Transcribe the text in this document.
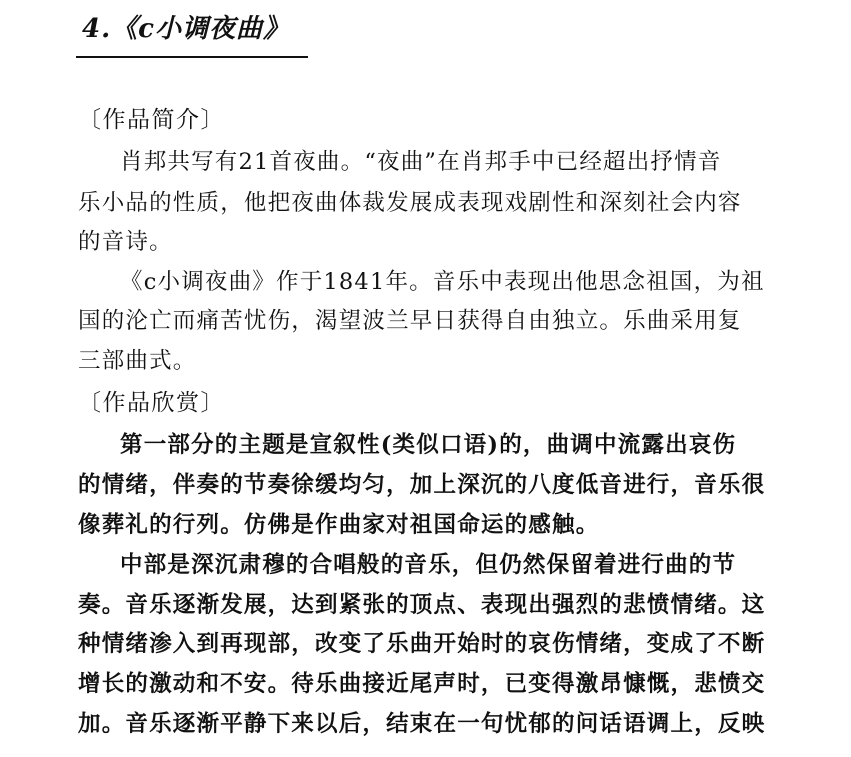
4.《c小调夜曲》
〔作品简介〕
肖邦共写有21首夜曲。“夜曲”在肖邦手中已经超出抒情音
乐小品的性质，他把夜曲体裁发展成表现戏剧性和深刻社会内容
的音诗。
《c小调夜曲》作于1841年。音乐中表现出他思念祖国，为祖
国的沦亡而痛苦忧伤，渴望波兰早日获得自由独立。乐曲采用复
三部曲式。
〔作品欣赏〕
第一部分的主题是宣叙性(类似口语)的，曲调中流露出哀伤
的情绪，伴奏的节奏徐缓均匀，加上深沉的八度低音进行，音乐很
像葬礼的行列。仿佛是作曲家对祖国命运的感触。
中部是深沉肃穆的合唱般的音乐，但仍然保留着进行曲的节
奏。音乐逐渐发展，达到紧张的顶点、表现出强烈的悲愤情绪。这
种情绪渗入到再现部，改变了乐曲开始时的哀伤情绪，变成了不断
增长的激动和不安。待乐曲接近尾声时，已变得激昂慷慨，悲愤交
加。音乐逐渐平静下来以后，结束在一句忧郁的问话语调上，反映
